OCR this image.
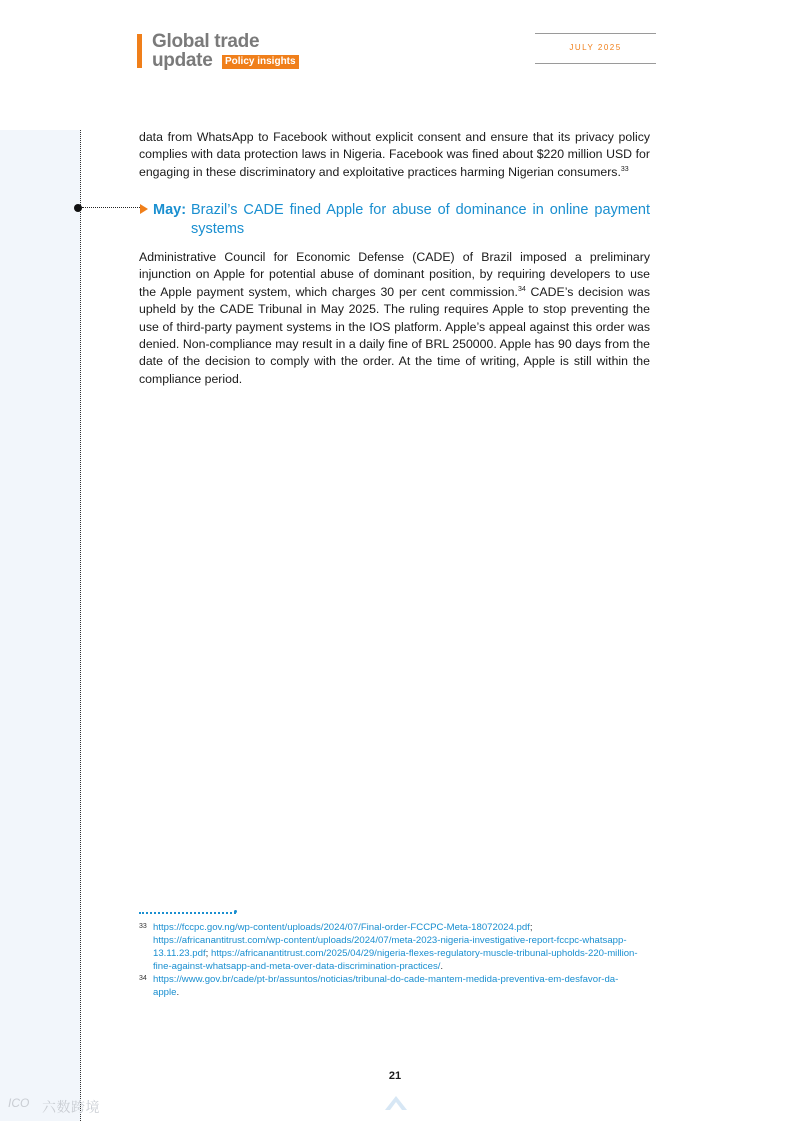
Global trade
update	Policy insights
JULY 2025

data from WhatsApp to Facebook without explicit consent and ensure that its privacy policy complies with data protection laws in Nigeria. Facebook was fined about $220 million USD for engaging in these discriminatory and exploitative practices harming Nigerian consumers.$^{33}$

May: Brazil’s CADE fined Apple for abuse of dominance in online payment systems

Administrative Council for Economic Defense (CADE) of Brazil imposed a preliminary injunction on Apple for potential abuse of dominant position, by requiring developers to use the Apple payment system, which charges 30 per cent commission.$^{34}$ CADE’s decision was upheld by the CADE Tribunal in May 2025. The ruling requires Apple to stop preventing the use of third-party payment systems in the IOS platform. Apple’s appeal against this order was denied. Non-compliance may result in a daily fine of BRL 250000. Apple has 90 days from the date of the decision to comply with the order. At the time of writing, Apple is still within the compliance period.

33 https://fccpc.gov.ng/wp-content/uploads/2024/07/Final-order-FCCPC-Meta-18072024.pdf; https://africanantitrust.com/wp-content/uploads/2024/07/meta-2023-nigeria-investigative-report-fccpc-whatsapp-13.11.23.pdf; https://africanantitrust.com/2025/04/29/nigeria-flexes-regulatory-muscle-tribunal-upholds-220-million-fine-against-whatsapp-and-meta-over-data-discrimination-practices/.
34 https://www.gov.br/cade/pt-br/assuntos/noticias/tribunal-do-cade-mantem-medida-preventiva-em-desfavor-da-apple.
21
ICO 六数跨境
